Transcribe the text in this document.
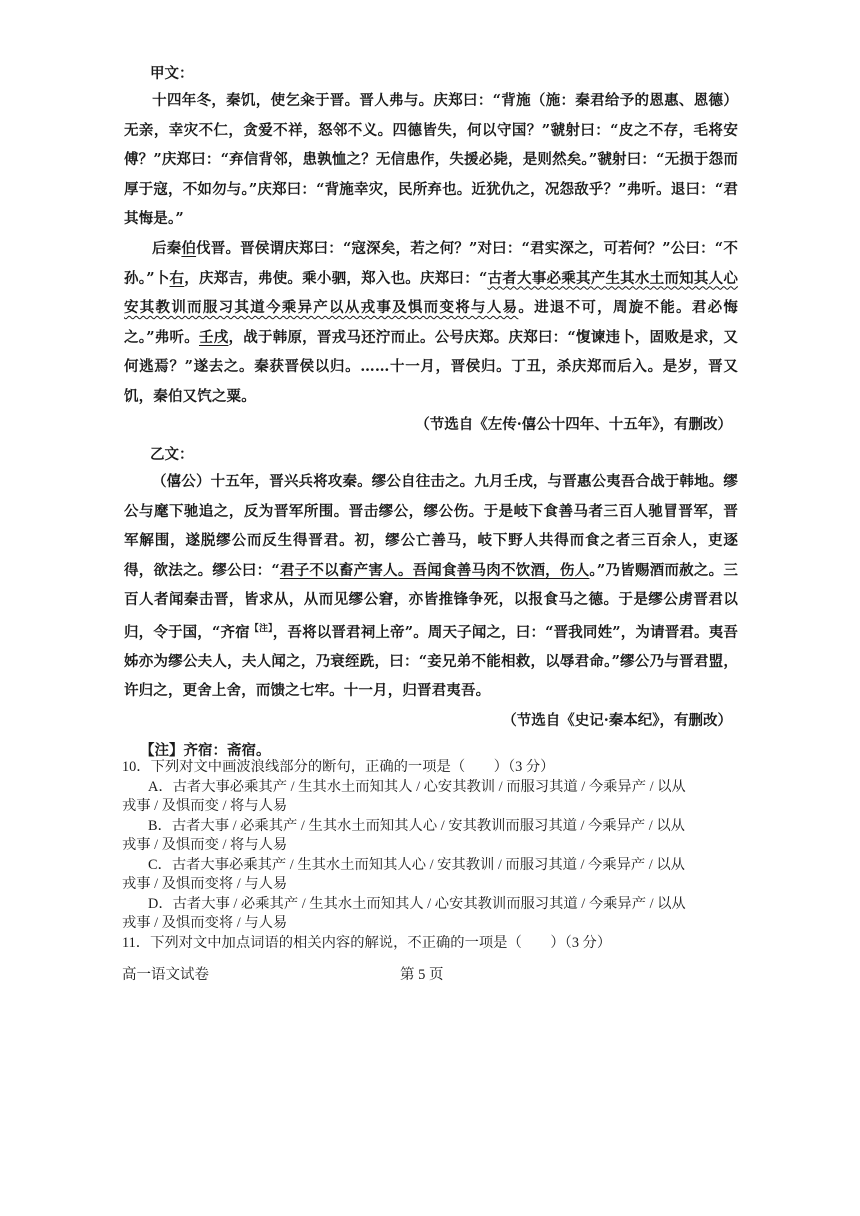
甲文：

十四年冬，秦饥，使乞籴于晋。晋人弗与。庆郑曰：“背施（施：秦君给予的恩惠、恩德）无亲，幸灾不仁，贪爱不祥，怒邻不义。四德皆失，何以守国？”虢射曰：“皮之不存，毛将安傅？”庆郑曰：“弃信背邻，患孰恤之？无信患作，失援必毙，是则然矣。”虢射曰：“无损于怨而厚于寇，不如勿与。”庆郑曰：“背施幸灾，民所弃也。近犹仇之，况怨敌乎？”弗听。退曰：“君其悔是。”

后秦伯伐晋。晋侯谓庆郑曰：“寇深矣，若之何？”对曰：“君实深之，可若何？”公曰：“不孙。”卜右，庆郑吉，弗使。乘小驷，郑入也。庆郑曰：“古者大事必乘其产生其水土而知其人心安其教训而服习其道今乘异产以从戎事及惧而变将与人易。进退不可，周旋不能。君必悔之。”弗听。壬戌，战于韩原，晋戎马还泞而止。公号庆郑。庆郑曰：“愎谏违卜，固败是求，又何逃焉？”遂去之。秦获晋侯以归。……十一月，晋侯归。丁丑，杀庆郑而后入。是岁，晋又饥，秦伯又饩之粟。

（节选自《左传·僖公十四年、十五年》，有删改）
乙文：

（僖公）十五年，晋兴兵将攻秦。缪公自往击之。九月壬戌，与晋惠公夷吾合战于韩地。缪公与麾下驰追之，反为晋军所围。晋击缪公，缪公伤。于是岐下食善马者三百人驰冒晋军，晋军解围，遂脱缪公而反生得晋君。初，缪公亡善马，岐下野人共得而食之者三百余人，吏逐得，欲法之。缪公曰：“君子不以畜产害人。吾闻食善马肉不饮酒，伤人。”乃皆赐酒而赦之。三百人者闻秦击晋，皆求从，从而见缪公窘，亦皆推锋争死，以报食马之德。于是缪公虏晋君以归，令于国，“齐宿$^{【注】}$，吾将以晋君祠上帝”。周天子闻之，曰：“晋我同姓”，为请晋君。夷吾姊亦为缪公夫人，夫人闻之，乃衰绖跣，曰：“妾兄弟不能相救，以辱君命。”缪公乃与晋君盟，许归之，更舍上舍，而馈之七牢。十一月，归晋君夷吾。

（节选自《史记·秦本纪》，有删改）
【注】齐宿：斋宿。

10．下列对文中画波浪线部分的断句，正确的一项是（　　）（3 分）
A．古者大事必乘其产 / 生其水土而知其人 / 心安其教训 / 而服习其道 / 今乘异产 / 以从
戎事 / 及惧而变 / 将与人易
B．古者大事 / 必乘其产 / 生其水土而知其人心 / 安其教训而服习其道 / 今乘异产 / 以从
戎事 / 及惧而变 / 将与人易
C．古者大事必乘其产 / 生其水土而知其人心 / 安其教训 / 而服习其道 / 今乘异产 / 以从
戎事 / 及惧而变将 / 与人易
D．古者大事 / 必乘其产 / 生其水土而知其人 / 心安其教训而服习其道 / 今乘异产 / 以从
戎事 / 及惧而变将 / 与人易
11．下列对文中加点词语的相关内容的解说，不正确的一项是（　　）（3 分）

高一语文试卷	第 5 页
